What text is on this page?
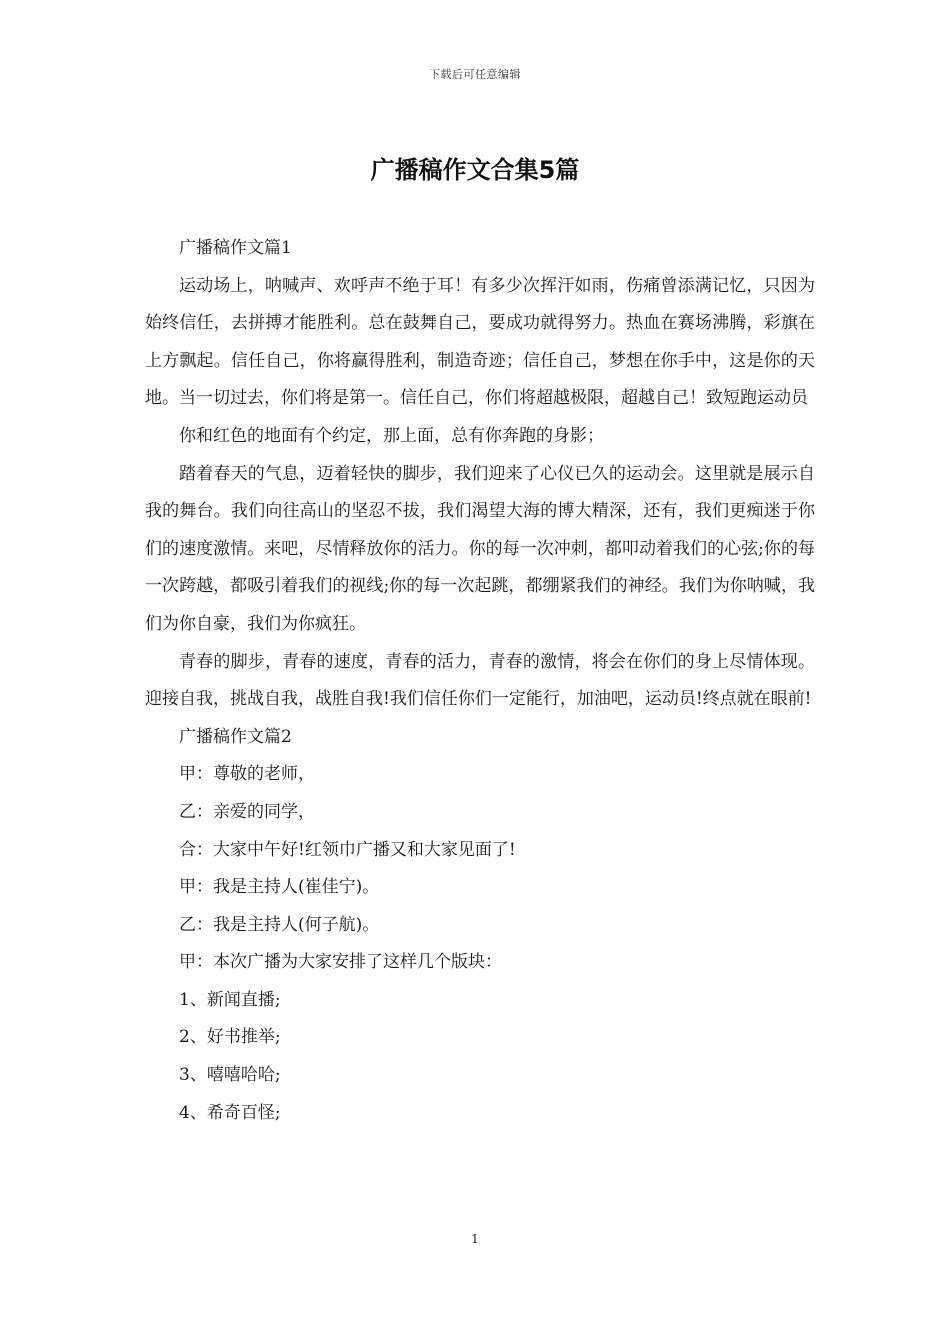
下载后可任意编辑
广播稿作文合集5篇

广播稿作文篇1

运动场上，呐喊声、欢呼声不绝于耳！有多少次挥汗如雨，伤痛曾添满记忆，只因为始终信任，去拼搏才能胜利。总在鼓舞自己，要成功就得努力。热血在赛场沸腾，彩旗在上方飘起。信任自己，你将赢得胜利，制造奇迹；信任自己，梦想在你手中，这是你的天地。当一切过去，你们将是第一。信任自己，你们将超越极限，超越自己！致短跑运动员

你和红色的地面有个约定，那上面，总有你奔跑的身影；

踏着春天的气息，迈着轻快的脚步，我们迎来了心仪已久的运动会。这里就是展示自我的舞台。我们向往高山的坚忍不拔，我们渴望大海的博大精深，还有，我们更痴迷于你们的速度激情。来吧，尽情释放你的活力。你的每一次冲刺，都叩动着我们的心弦;你的每一次跨越，都吸引着我们的视线;你的每一次起跳，都绷紧我们的神经。我们为你呐喊，我们为你自豪，我们为你疯狂。

青春的脚步，青春的速度，青春的活力，青春的激情，将会在你们的身上尽情体现。迎接自我，挑战自我，战胜自我!我们信任你们一定能行，加油吧，运动员!终点就在眼前!

广播稿作文篇2

甲：尊敬的老师，

乙：亲爱的同学，

合：大家中午好!红领巾广播又和大家见面了!

甲：我是主持人(崔佳宁)。

乙：我是主持人(何子航)。

甲：本次广播为大家安排了这样几个版块：

1、新闻直播;

2、好书推举;

3、嘻嘻哈哈;

4、希奇百怪;

1
